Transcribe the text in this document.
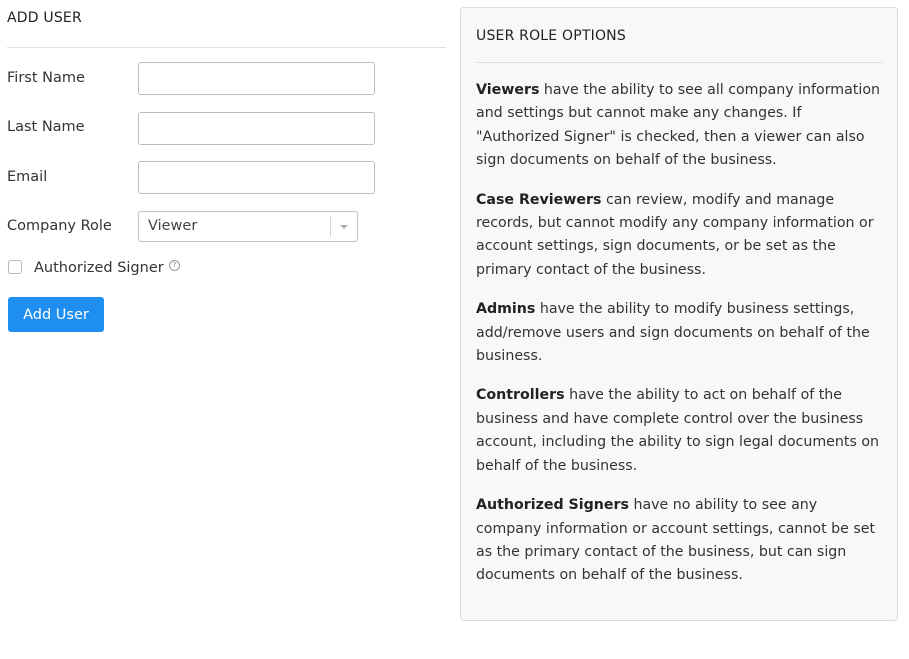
ADD USER
First Name
Last Name
Email
Company Role Viewer
Authorized Signer	?
Add User
USER ROLE OPTIONS

Viewers have the ability to see all company information and settings but cannot make any changes. If "Authorized Signer" is checked, then a viewer can also sign documents on behalf of the business.

Case Reviewers can review, modify and manage records, but cannot modify any company information or account settings, sign documents, or be set as the primary contact of the business.

Admins have the ability to modify business settings, add/remove users and sign documents on behalf of the business.

Controllers have the ability to act on behalf of the business and have complete control over the business account, including the ability to sign legal documents on behalf of the business.

Authorized Signers have no ability to see any company information or account settings, cannot be set as the primary contact of the business, but can sign documents on behalf of the business.
